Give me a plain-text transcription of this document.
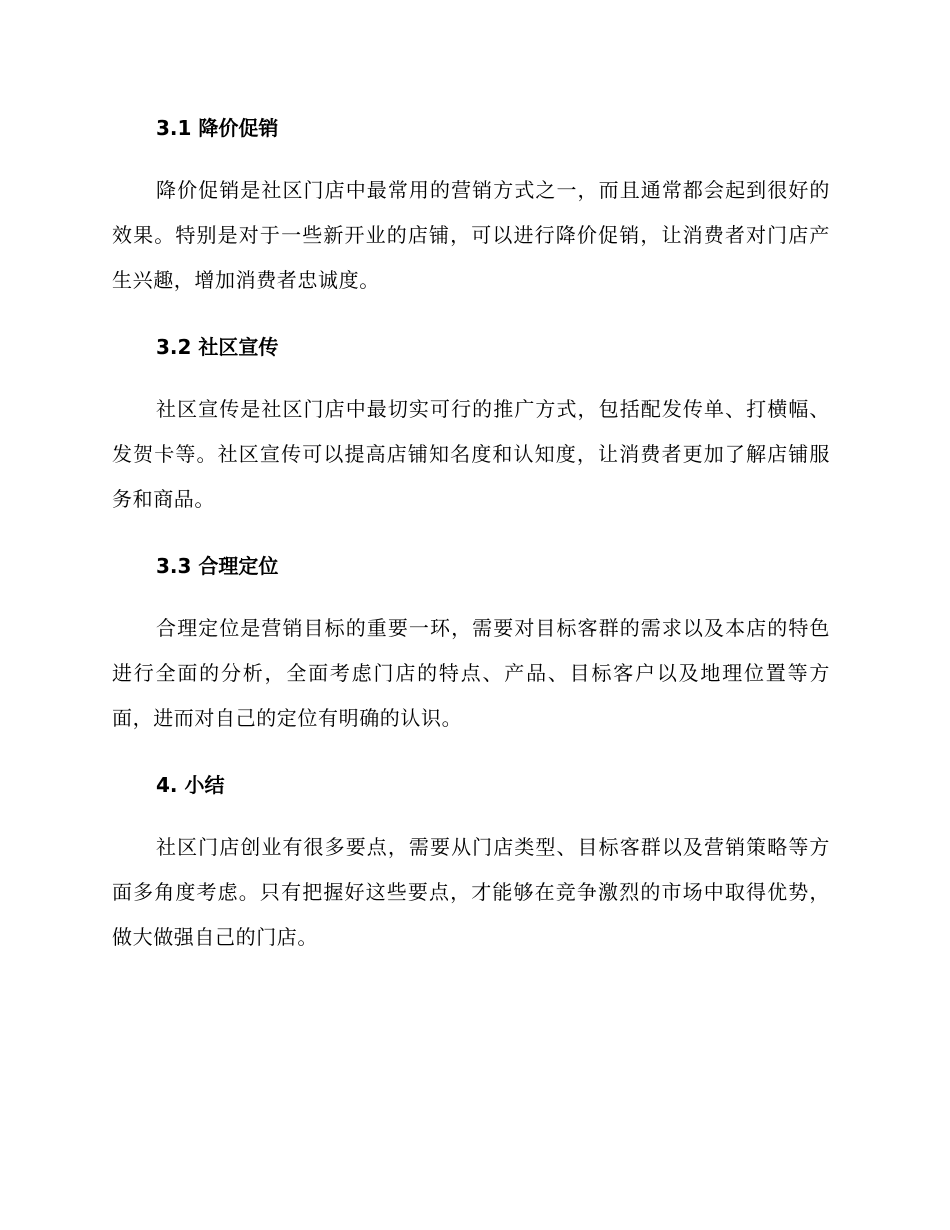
3.1 降价促销

降价促销是社区门店中最常用的营销方式之一，而且通常都会起到很好的效果。特别是对于一些新开业的店铺，可以进行降价促销，让消费者对门店产生兴趣，增加消费者忠诚度。

3.2 社区宣传

社区宣传是社区门店中最切实可行的推广方式，包括配发传单、打横幅、发贺卡等。社区宣传可以提高店铺知名度和认知度，让消费者更加了解店铺服务和商品。

3.3 合理定位

合理定位是营销目标的重要一环，需要对目标客群的需求以及本店的特色进行全面的分析，全面考虑门店的特点、产品、目标客户以及地理位置等方面，进而对自己的定位有明确的认识。

4. 小结

社区门店创业有很多要点，需要从门店类型、目标客群以及营销策略等方面多角度考虑。只有把握好这些要点，才能够在竞争激烈的市场中取得优势，做大做强自己的门店。
